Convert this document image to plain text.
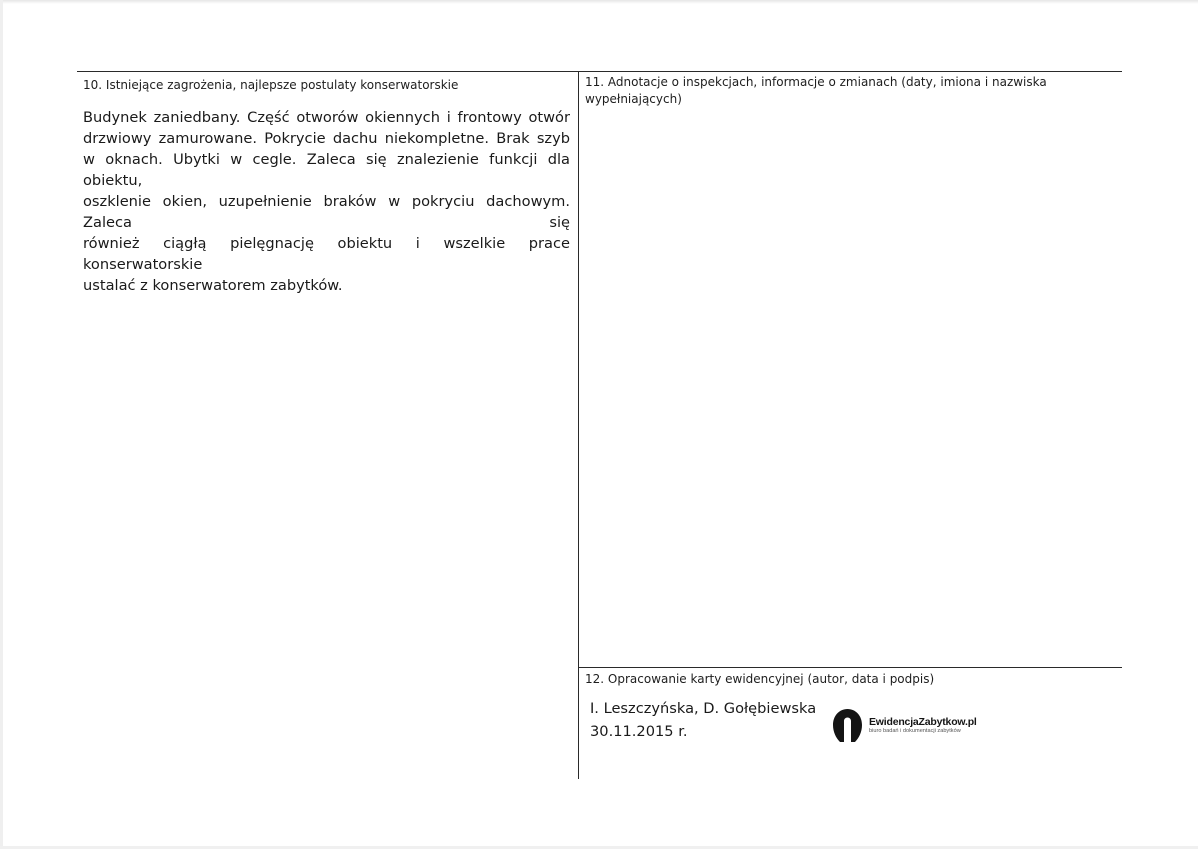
10. Istniejące zagrożenia, najlepsze postulaty konserwatorskie
Budynek zaniedbany. Część otworów okiennych i frontowy otwór
drzwiowy zamurowane. Pokrycie dachu niekompletne. Brak szyb
w oknach. Ubytki w cegle. Zaleca się znalezienie funkcji dla obiektu,
oszklenie okien, uzupełnienie braków w pokryciu dachowym. Zaleca się
również ciągłą pielęgnację obiektu i wszelkie prace konserwatorskie
ustalać z konserwatorem zabytków.
11. Adnotacje o inspekcjach, informacje o zmianach (daty, imiona i nazwiska
wypełniających)
12. Opracowanie karty ewidencyjnej (autor, data i podpis)
I. Leszczyńska, D. Gołębiewska
30.11.2015 r.
EwidencjaZabytkow.pl
biuro badań i dokumentacji zabytków
